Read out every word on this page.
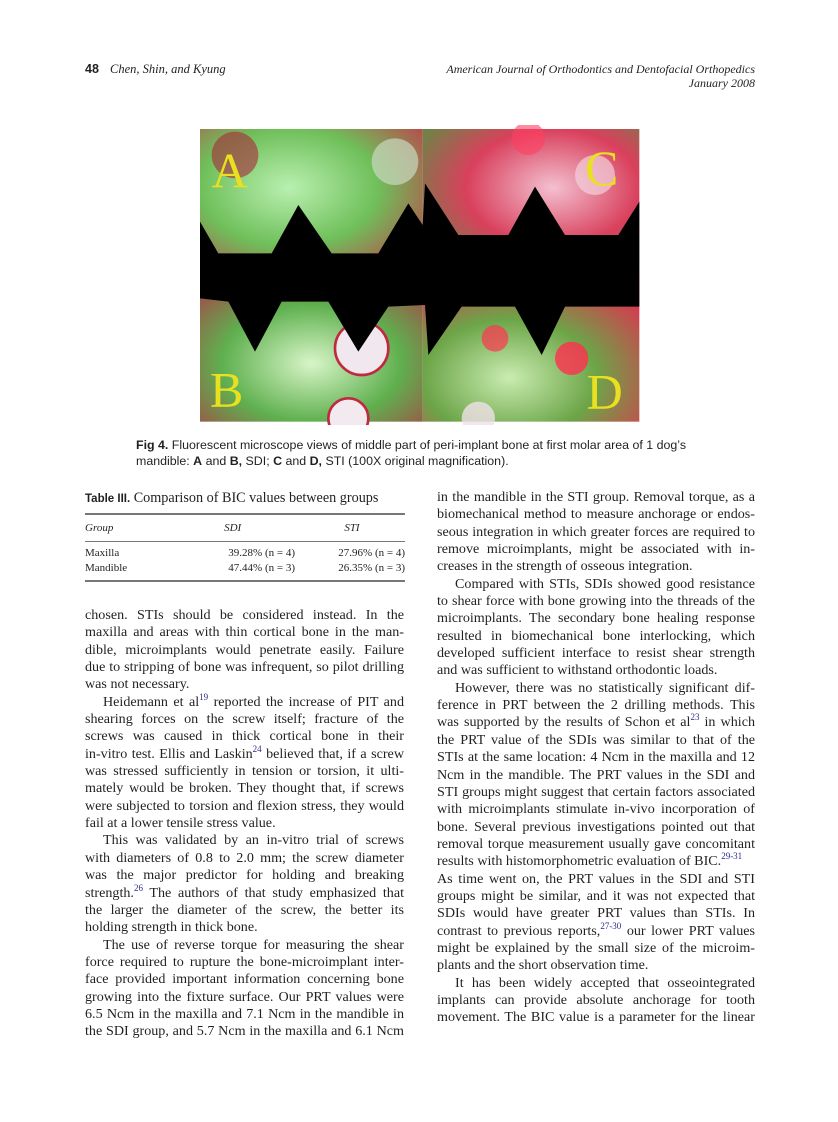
48 Chen, Shin, and Kyung	American Journal of Orthodontics and Dentofacial Orthopedics
January 2008
A C
B D
Fig 4. Fluorescent microscope views of middle part of peri-implant bone at first molar area of 1 dog’s mandible: A and B, SDI; C and D, STI (100X original magnification).
Table III. Comparison of BIC values between groups
Group	SDI	STI
Maxilla	39.28% (n = 4)	27.96% (n = 4)
Mandible	47.44% (n = 3)	26.35% (n = 3)
chosen. STIs should be considered instead. In the
maxilla and areas with thin cortical bone in the man-
dible, microimplants would penetrate easily. Failure
due to stripping of bone was infrequent, so pilot drilling
was not necessary.
Heidemann et $al^{19}$ reported the increase of PIT and
shearing forces on the screw itself; fracture of the
screws was caused in thick cortical bone in their
in-vitro test. Ellis and Laskin$^{24}$ believed that, if a screw
was stressed sufficiently in tension or torsion, it ulti-
mately would be broken. They thought that, if screws
were subjected to torsion and flexion stress, they would
fail at a lower tensile stress value.
This was validated by an in-vitro trial of screws
with diameters of 0.8 to 2.0 mm; the screw diameter
was the major predictor for holding and breaking
strength.$^{26}$ The authors of that study emphasized that
the larger the diameter of the screw, the better its
holding strength in thick bone.
The use of reverse torque for measuring the shear
force required to rupture the bone-microimplant inter-
face provided important information concerning bone
growing into the fixture surface. Our PRT values were
6.5 Ncm in the maxilla and 7.1 Ncm in the mandible in
the SDI group, and 5.7 Ncm in the maxilla and 6.1 Ncm
in the mandible in the STI group. Removal torque, as a
biomechanical method to measure anchorage or endos-
seous integration in which greater forces are required to
remove microimplants, might be associated with in-
creases in the strength of osseous integration.
Compared with STIs, SDIs showed good resistance
to shear force with bone growing into the threads of the
microimplants. The secondary bone healing response
resulted in biomechanical bone interlocking, which
developed sufficient interface to resist shear strength
and was sufficient to withstand orthodontic loads.
However, there was no statistically significant dif-
ference in PRT between the 2 drilling methods. This
was supported by the results of Schon et $al^{23}$ in which
the PRT value of the SDIs was similar to that of the
STIs at the same location: 4 Ncm in the maxilla and 12
Ncm in the mandible. The PRT values in the SDI and
STI groups might suggest that certain factors associated
with microimplants stimulate in-vivo incorporation of
bone. Several previous investigations pointed out that
removal torque measurement usually gave concomitant
results with histomorphometric evaluation of BIC.$^{29-31}$
As time went on, the PRT values in the SDI and STI
groups might be similar, and it was not expected that
SDIs would have greater PRT values than STIs. In
contrast to previous reports,$^{27-30}$ our lower PRT values
might be explained by the small size of the microim-
plants and the short observation time.
It has been widely accepted that osseointegrated
implants can provide absolute anchorage for tooth
movement. The BIC value is a parameter for the linear
